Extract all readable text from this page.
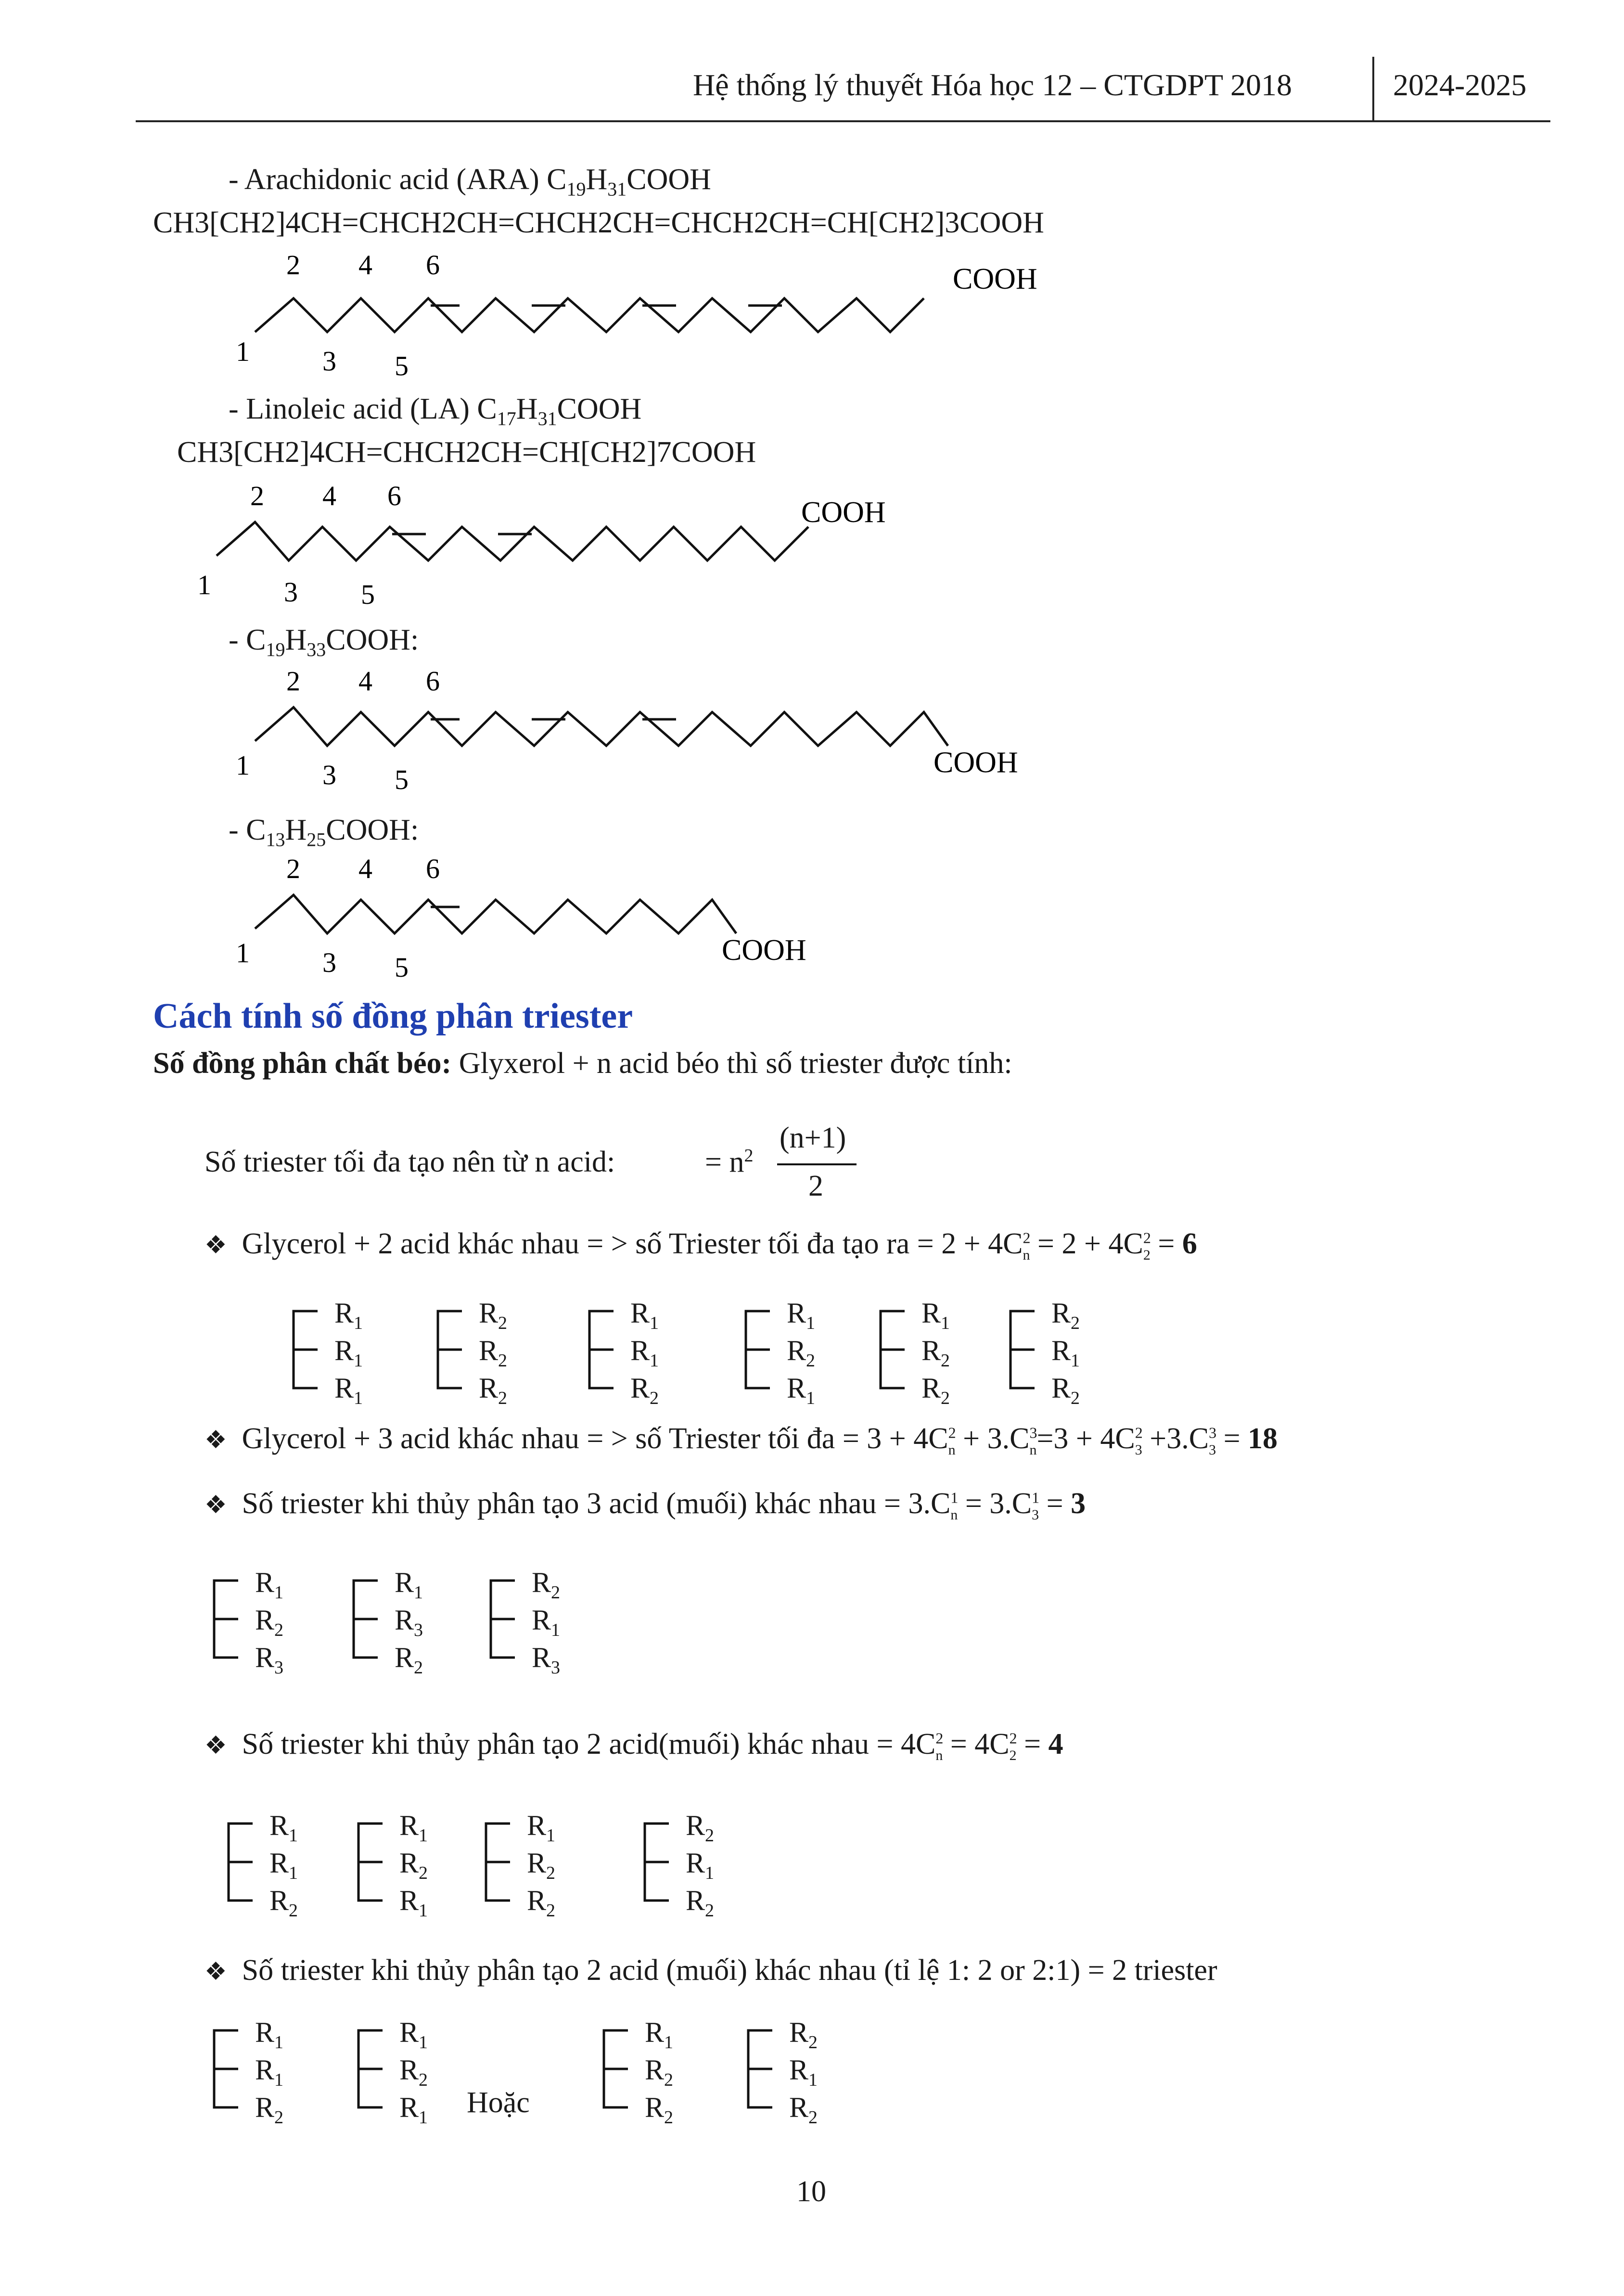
Hệ thống lý thuyết Hóa học 12 – CTGDPT 2018	2024-2025
- Arachidonic acid (ARA) $C_{19}H_{31}COOH$
CH3[CH2]4CH=CHCH2CH=CHCH2CH=CHCH2CH=CH[CH2]3COOH
1
2
3
4
5
6	COOH
- Linoleic acid (LA) $C_{17}H_{31}COOH$
CH3[CH2]4CH=CHCH2CH=CH[CH2]7COOH
1
2
3
4
5
6
COOH
- $C_{19}H_{33}COOH$:
1
2
3
4
5
6
COOH
- $C_{13}H_{25}COOH$:
1
2
3
4
5
6
COOH
Cách tính số đồng phân triester
Số đồng phân chất béo: Glyxerol + n acid béo thì số triester được tính:
Số triester tối đa tạo nên từ n acid:	= $n^2$
(n+1)
2
❖ Glycerol + 2 acid khác nhau = > số Triester tối đa tạo ra = $2 + 4C^2_n = 2 + 4C^2_2 = 6$
$R_1$
$R_1$
$R_1$
$R_2$
$R_2$
$R_2$
$R_1$
$R_1$
$R_2$
$R_1$
$R_2$
$R_1$
$R_1$
$R_2$
$R_2$
$R_2$
$R_1$
$R_2$
❖ Glycerol + 3 acid khác nhau = > số Triester tối đa = $3 + 4C^2_n + 3.C^3_n=3 + 4C^2_3 +3.C^3_3 = 18$
❖ Số triester khi thủy phân tạo 3 acid (muối) khác nhau = $3.C^1_n = 3.C^1_3 = 3$
$R_1$
$R_2$
$R_3$
$R_1$
$R_3$
$R_2$
$R_2$
$R_1$
$R_3$
❖ Số triester khi thủy phân tạo 2 acid(muối) khác nhau = $4C^2_n = 4C^2_2 = 4$
$R_1$
$R_1$
$R_2$
$R_1$
$R_2$
$R_1$
$R_1$
$R_2$
$R_2$
$R_2$
$R_1$
$R_2$
❖ Số triester khi thủy phân tạo 2 acid (muối) khác nhau (tỉ lệ 1: 2 or 2:1) = 2 triester
$R_1$
$R_1$
$R_2$
$R_1$
$R_2$
$R_1$
$R_1$
$R_2$
$R_2$
$R_2$
$R_1$
$R_2$
Hoặc
10
